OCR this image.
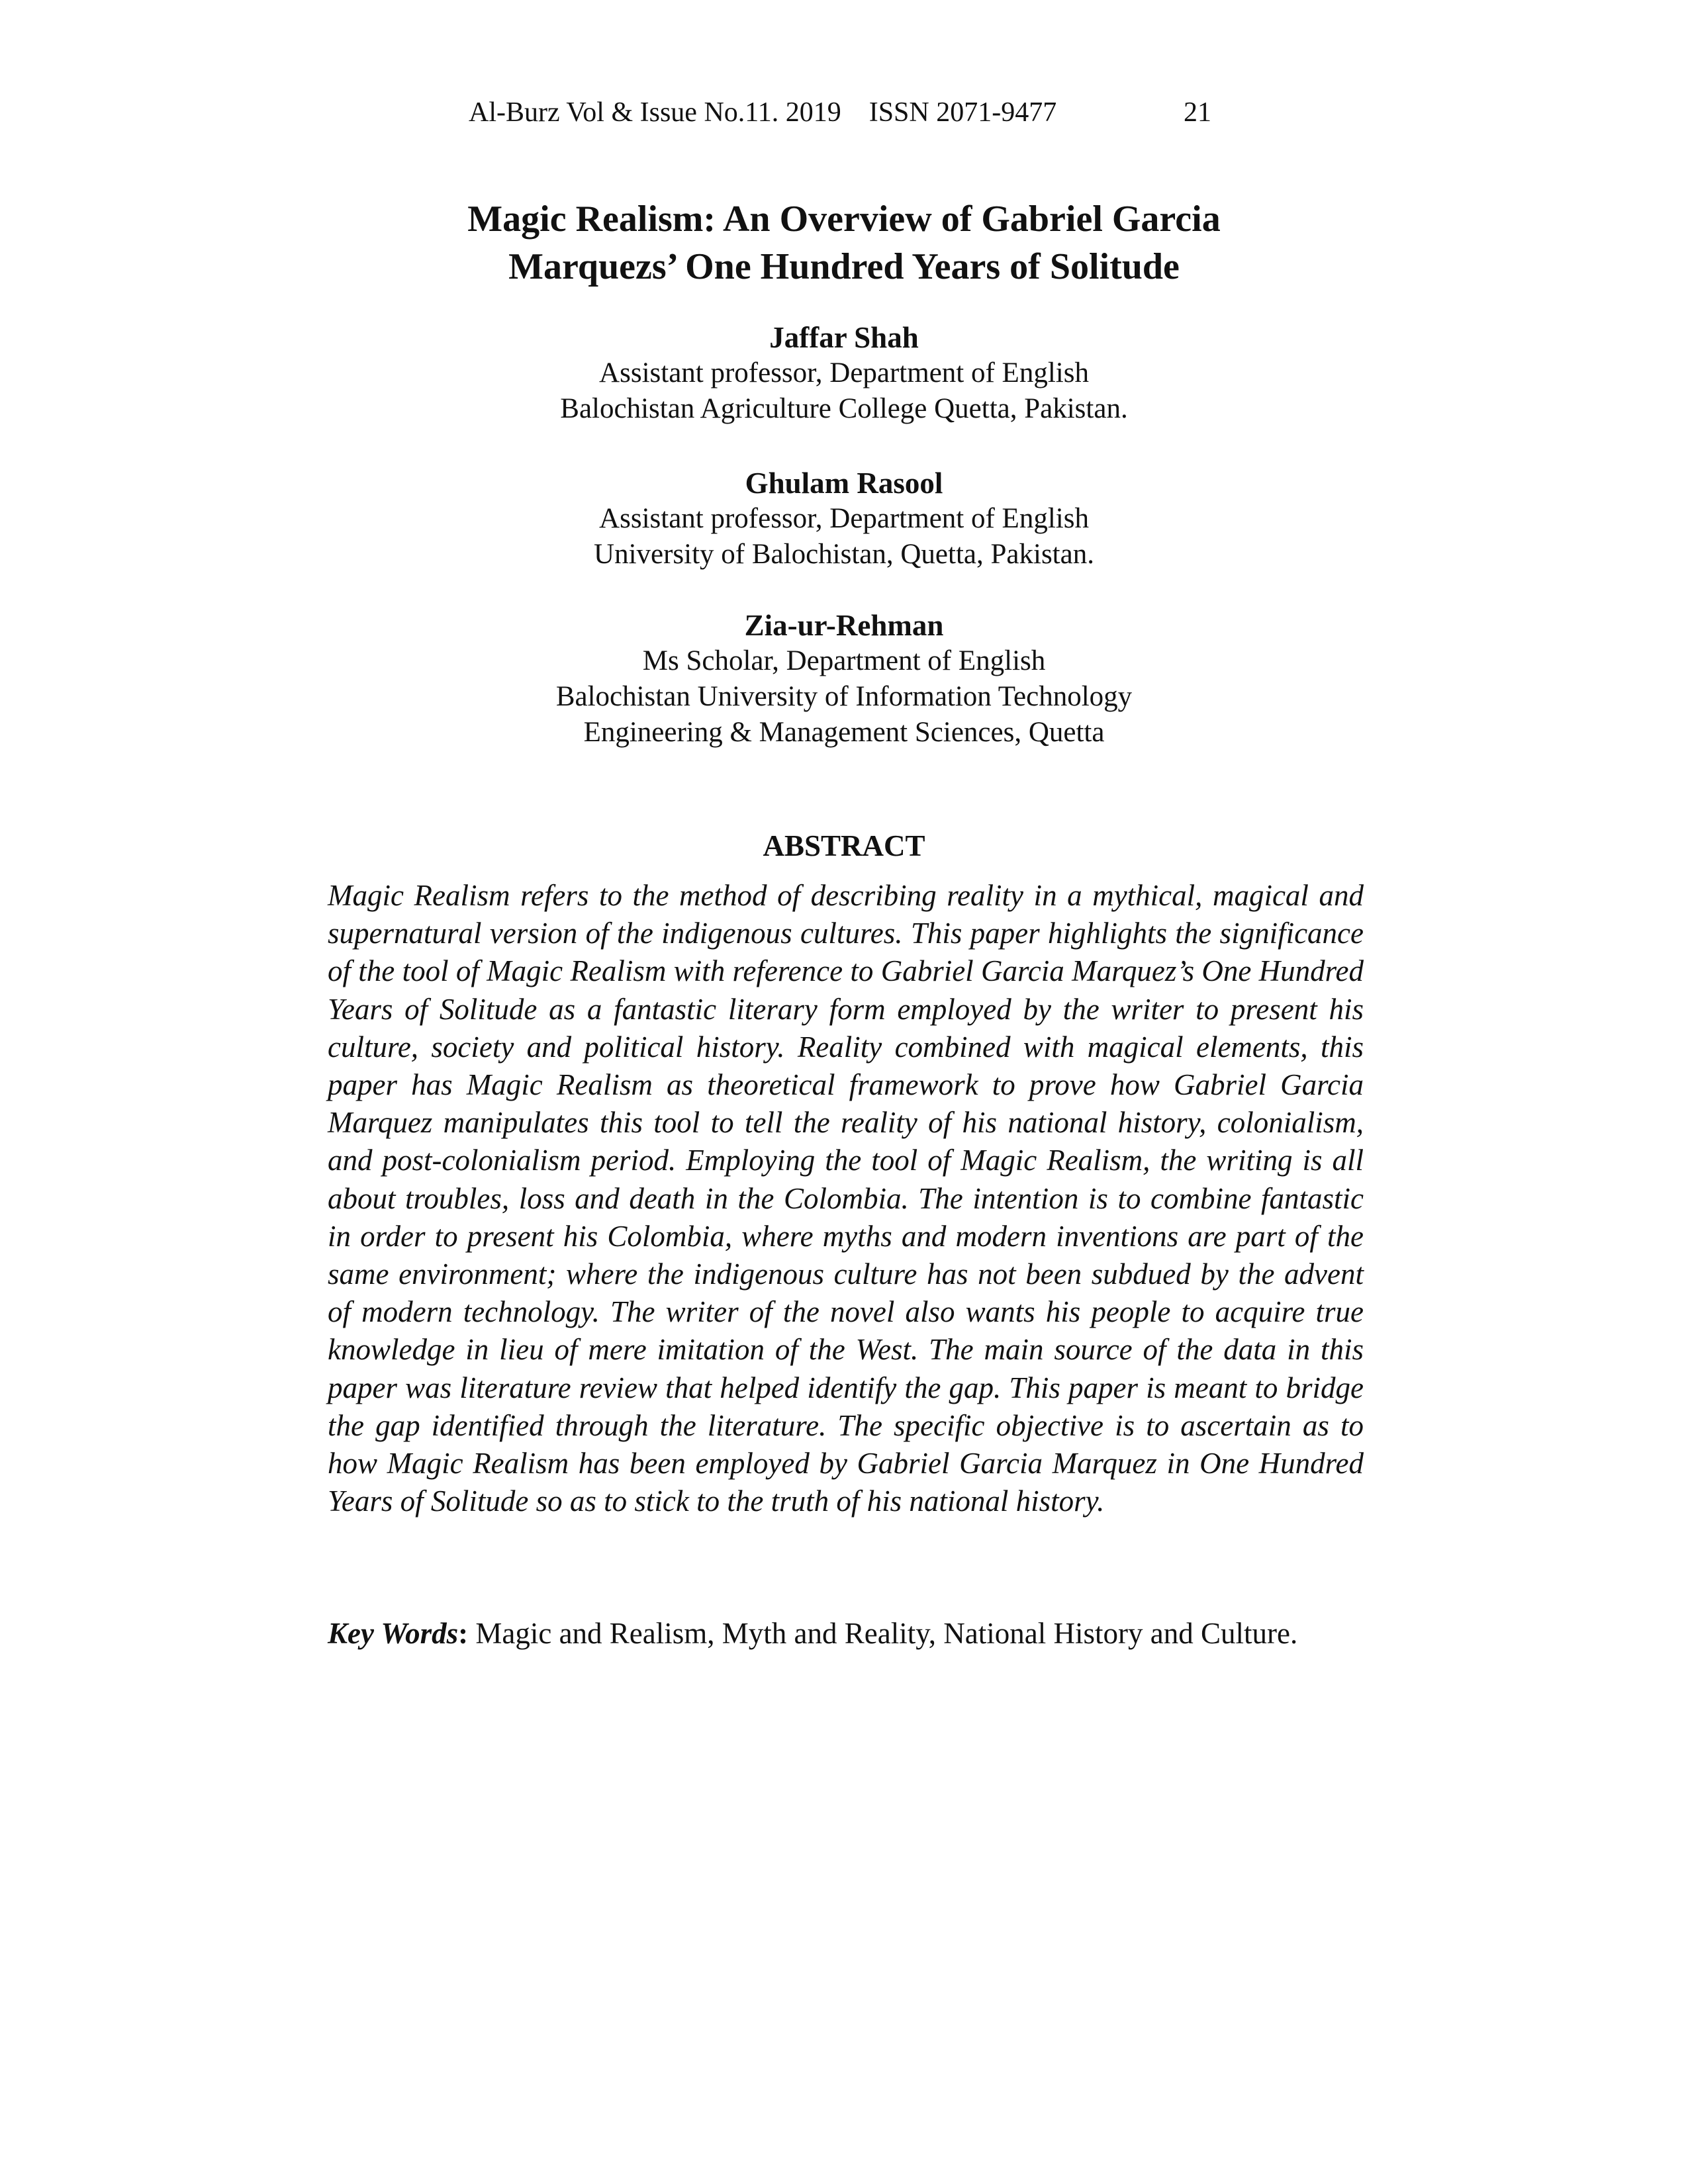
Al-Burz Vol & Issue No.11. 2019    ISSN 2071-9477	21
Magic Realism: An Overview of Gabriel Garcia
Marquezs’ One Hundred Years of Solitude
Jaffar Shah
Assistant professor, Department of English
Balochistan Agriculture College Quetta, Pakistan.
Ghulam Rasool
Assistant professor, Department of English
University of Balochistan, Quetta, Pakistan.
Zia-ur-Rehman
Ms Scholar, Department of English
Balochistan University of Information Technology
Engineering & Management Sciences, Quetta
ABSTRACT

Magic Realism refers to the method of describing reality in a mythical, magical and supernatural version of the indigenous cultures. This paper highlights the significance of the tool of Magic Realism with reference to Gabriel Garcia Marquez’s One Hundred Years of Solitude as a fantastic literary form employed by the writer to present his culture, society and political history. Reality combined with magical elements, this paper has Magic Realism as theoretical framework to prove how Gabriel Garcia Marquez manipulates this tool to tell the reality of his national history, colonialism, and post-colonialism period. Employing the tool of Magic Realism, the writing is all about troubles, loss and death in the Colombia. The intention is to combine fantastic in order to present his Colombia, where myths and modern inventions are part of the same environment; where the indigenous culture has not been subdued by the advent of modern technology. The writer of the novel also wants his people to acquire true knowledge in lieu of mere imitation of the West. The main source of the data in this paper was literature review that helped identify the gap. This paper is meant to bridge the gap identified through the literature. The specific objective is to ascertain as to how Magic Realism has been employed by Gabriel Garcia Marquez in One Hundred Years of Solitude so as to stick to the truth of his national history.

Key Words: Magic and Realism, Myth and Reality, National History and Culture.
